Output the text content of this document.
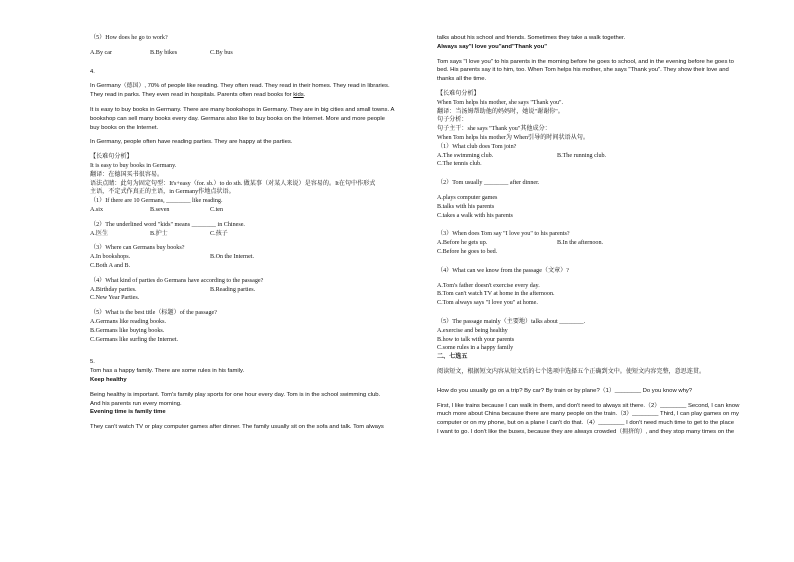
（5）How does he go to work?

A.By car	B.By bikes	C.By bus

4.

In Germany（德国）, 70% of people like reading. They often read. They read in their homes. They read in libraries.

They read in parks. They even read in hospitals. Parents often read books for kids.

It is easy to buy books in Germany. There are many bookshops in Germany. They are in big cities and small towns. A

bookshop can sell many books every day. Germans also like to buy books on the Internet. More and more people

buy books on the Internet.

In Germany, people often have reading parties. They are happy at the parties.

【长难句分析】

It is easy to buy books in Germany.

翻译：在德国买书很容易。

语法点睛：此句为固定句型：It's+easy（for. sb.）to do sth. 做某事（对某人来说）是容易的。It在句中作形式

主语，不定式作真正的主语，in Germany作地点状语。

（1）If there are 10 Germans, ________ like reading.

A.six	B.seven	C.ten

（2）The underlined word "kids" means ________ in Chinese.

A.医生	B.护士	C.孩子

（3）Where can Germans buy books?

A.In bookshops.	B.On the Internet.

C.Both A and B.

（4）What kind of parties do Germans have according to the passage?

A.Birthday parties.	B.Reading parties.

C.New Year Parties.

（5）What is the best title（标题）of the passage?

A.Germans like reading books.

B.Germans like buying books.

C.Germans like surfing the Internet.

5.

Tom has a happy family. There are some rules in his family.

Keep healthy

Being healthy is important. Tom's family play sports for one hour every day. Tom is in the school swimming club.

And his parents run every morning.

Evening time is family time

They can't watch TV or play computer games after dinner. The family usually sit on the sofa and talk. Tom always

talks about his school and friends. Sometimes they take a walk together.

Always say"I love you"and"Thank you"

Tom says "I love you" to his parents in the morning before he goes to school, and in the evening before he goes to

bed. His parents say it to him, too. When Tom helps his mother, she says "Thank you". They show their love and

thanks all the time.

【长难句分析】

When Tom helps his mother, she says "Thank you".

翻译：当汤姆帮助他的妈妈时，她说"谢谢你"。

句子分析：

句子主干：she says "Thank you"其他成分：

When Tom helps his mother为 When引导的时间状语从句。

（1）What club does Tom join?

A.The swimming club.	B.The running club.

C.The tennis club.

（2）Tom usually ________ after dinner.

A.plays computer games

B.talks with his parents

C.takes a walk with his parents

（3）When does Tom say "I love you" to his parents?

A.Before he gets up.	B.In the afternoon.

C.Before he goes to bed.

（4）What can we know from the passage（文章）?

A.Tom's father doesn't exercise every day.

B.Tom can't watch TV at home in the afternoon.

C.Tom always says "I love you" at home.

（5）The passage mainly（主要地）talks about ________.

A.exercise and being healthy

B.how to talk with your parents

C.some rules in a happy family

二、七选五

阅读短文，根据短文内容从短文后的七个选项中选择五个正确到文中。使短文内容完整，意思连贯。

How do you usually go on a trip? By car? By train or by plane?（1）________ Do you know why?

First, I like trains because I can walk in them, and don't need to always sit there.（2）________ Second, I can know

much more about China because there are many people on the train.（3）________ Third, I can play games on my

computer or on my phone, but on a plane I can't do that.（4）________ I don't need much time to get to the place

I want to go. I don't like the buses, because they are always crowded（拥挤的）, and they stop many times on the
